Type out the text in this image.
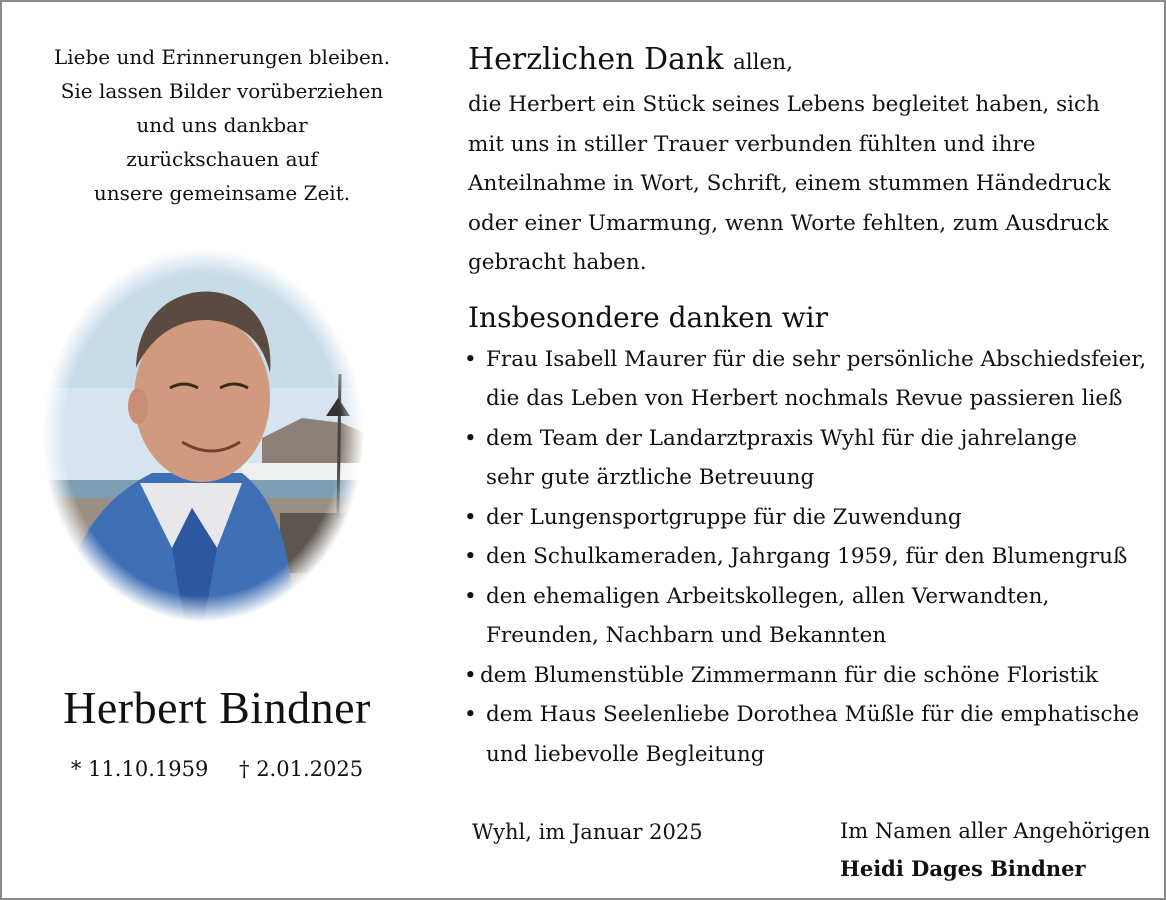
Liebe und Erinnerungen bleiben.
Sie lassen Bilder vorüberziehen
und uns dankbar
zurückschauen auf
unsere gemeinsame Zeit.
Herbert Bindner
* 11.10.1959 † 2.01.2025
Herzlichen Dank allen,
die Herbert ein Stück seines Lebens begleitet haben, sich
mit uns in stiller Trauer verbunden fühlten und ihre
Anteilnahme in Wort, Schrift, einem stummen Händedruck
oder einer Umarmung, wenn Worte fehlten, zum Ausdruck
gebracht haben.
Insbesondere danken wir
• Frau Isabell Maurer für die sehr persönliche Abschiedsfeier,
die das Leben von Herbert nochmals Revue passieren ließ
• dem Team der Landarztpraxis Wyhl für die jahrelange
sehr gute ärztliche Betreuung
• der Lungensportgruppe für die Zuwendung
• den Schulkameraden, Jahrgang 1959, für den Blumengruß
• den ehemaligen Arbeitskollegen, allen Verwandten,
Freunden, Nachbarn und Bekannten
• dem Blumenstüble Zimmermann für die schöne Floristik
• dem Haus Seelenliebe Dorothea Müßle für die emphatische
und liebevolle Begleitung
Wyhl, im Januar 2025	Im Namen aller Angehörigen
Heidi Dages Bindner
